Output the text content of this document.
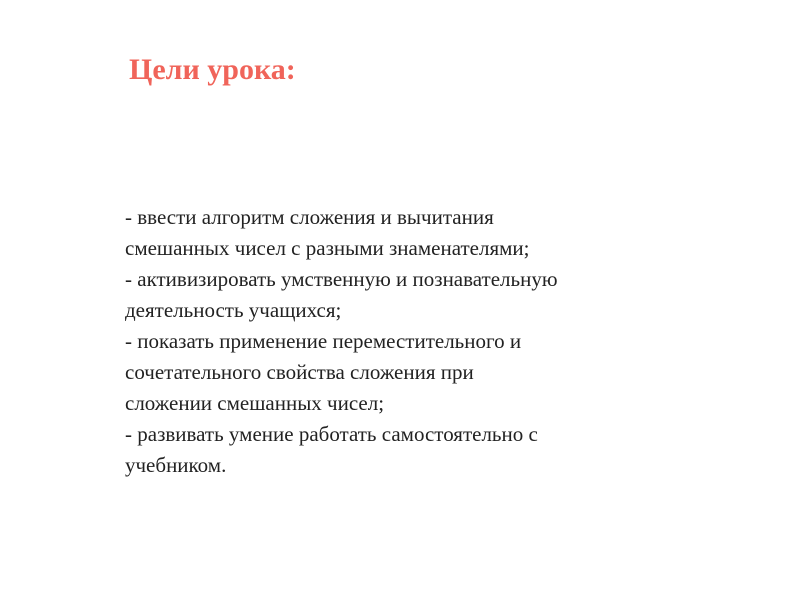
Цели урока:
- ввести алгоритм сложения и вычитания
смешанных чисел с разными знаменателями;
- активизировать умственную и познавательную
деятельность учащихся;
- показать применение переместительного и
сочетательного свойства сложения при
сложении смешанных чисел;
- развивать умение работать самостоятельно с
учебником.
